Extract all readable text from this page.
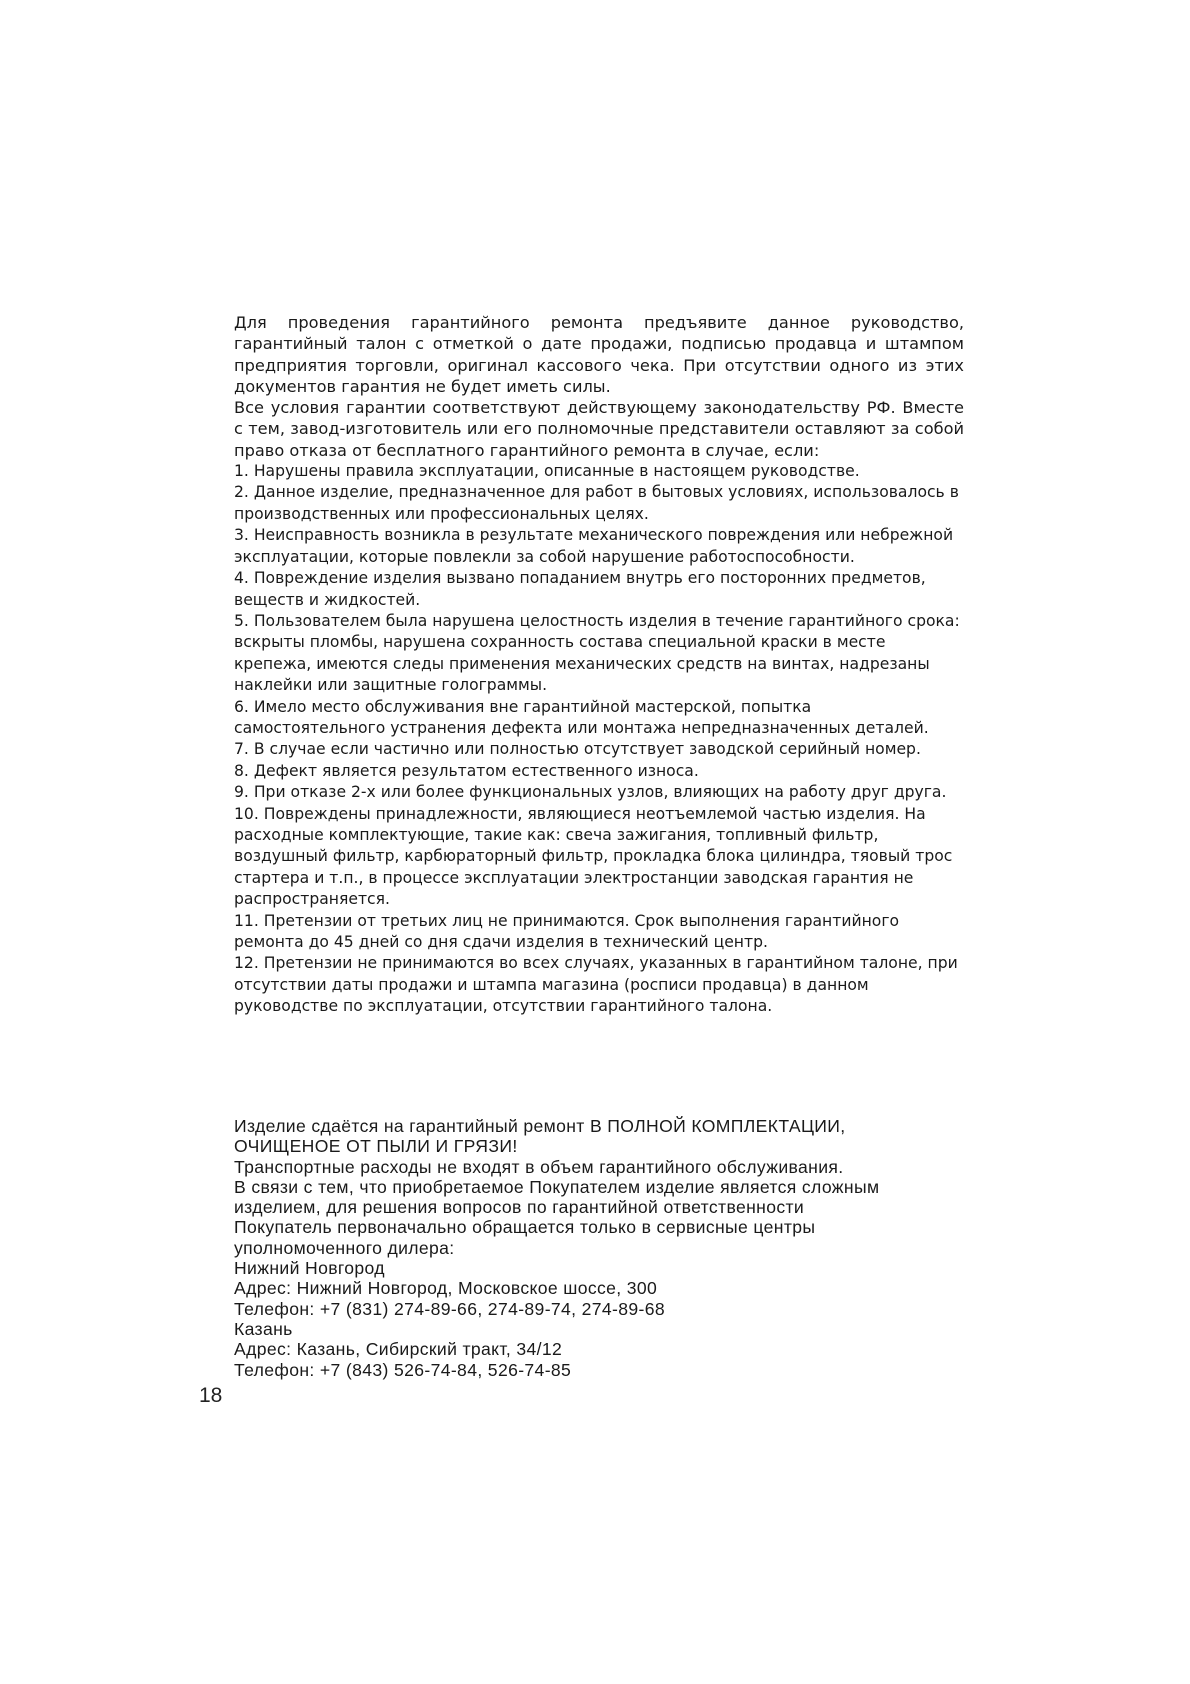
Для проведения гарантийного ремонта предъявите данное руководство, гарантийный талон с отметкой о дате продажи, подписью продавца и штампом предприятия торговли, оригинал кассового чека. При отсутствии одного из этих документов гарантия не будет иметь силы.

Все условия гарантии соответствуют действующему законодательству РФ. Вместе с тем, завод-изготовитель или его полномочные представители оставляют за собой право отказа от бесплатного гарантийного ремонта в случае, если:

1. Нарушены правила эксплуатации, описанные в настоящем руководстве.
2. Данное изделие, предназначенное для работ в бытовых условиях, использовалось в производственных или профессиональных целях.
3. Неисправность возникла в результате механического повреждения или небрежной эксплуатации, которые повлекли за собой нарушение работоспособности.
4. Повреждение изделия вызвано попаданием внутрь его посторонних предметов, веществ и жидкостей.
5. Пользователем была нарушена целостность изделия в течение гарантийного срока: вскрыты пломбы, нарушена сохранность состава специальной краски в месте крепежа, имеются следы применения механических средств на винтах, надрезаны наклейки или защитные голограммы.
6. Имело место обслуживания вне гарантийной мастерской, попытка самостоятельного устранения дефекта или монтажа непредназначенных деталей.
7. В случае если частично или полностью отсутствует заводской серийный номер.
8. Дефект является результатом естественного износа.
9. При отказе 2-х или более функциональных узлов, влияющих на работу друг друга.
10. Повреждены принадлежности, являющиеся неотъемлемой частью изделия. На расходные комплектующие, такие как: свеча зажигания, топливный фильтр, воздушный фильтр, карбюраторный фильтр, прокладка блока цилиндра, тяовый трос стартера и т.п., в процессе эксплуатации электростанции заводская гарантия не распространяется.
11. Претензии от третьих лиц не принимаются. Срок выполнения гарантийного ремонта до 45 дней со дня сдачи изделия в технический центр.
12. Претензии не принимаются во всех случаях, указанных в гарантийном талоне, при отсутствии даты продажи и штампа магазина (росписи продавца) в данном руководстве по эксплуатации, отсутствии гарантийного талона.

Изделие сдаётся на гарантийный ремонт В ПОЛНОЙ КОМПЛЕКТАЦИИ,

ОЧИЩЕНОЕ ОТ ПЫЛИ И ГРЯЗИ!

Транспортные расходы не входят в объем гарантийного обслуживания.

В связи с тем, что приобретаемое Покупателем изделие является сложным

изделием, для решения вопросов по гарантийной ответственности

Покупатель первоначально обращается только в сервисные центры

уполномоченного дилера:

Нижний Новгород

Адрес: Нижний Новгород, Московское шоссе, 300

Телефон: +7 (831) 274-89-66, 274-89-74, 274-89-68

Казань

Адрес: Казань, Сибирский тракт, 34/12

Телефон: +7 (843) 526-74-84, 526-74-85

18
